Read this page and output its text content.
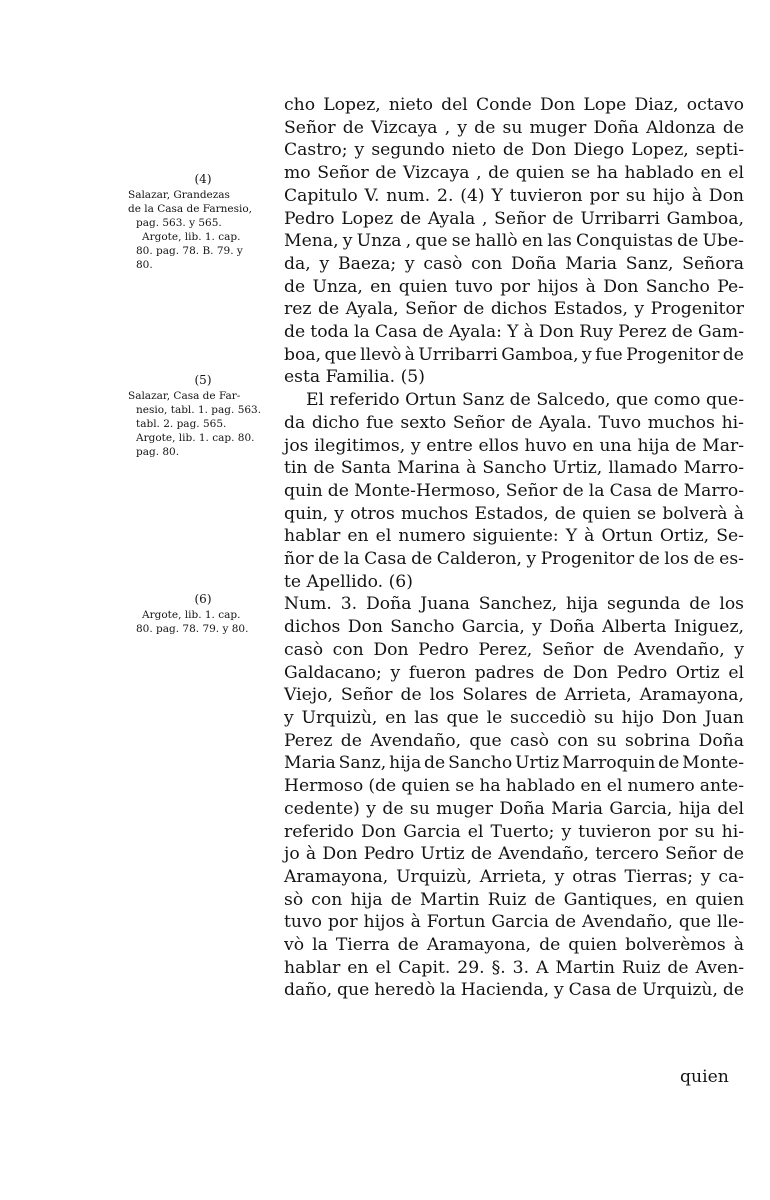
(4)
Salazar, Grandezas
de la Casa de Farnesio,
pag. 563. y 565.
Argote, lib. 1. cap.
80. pag. 78. B. 79. y
80.
(5)
Salazar, Casa de Far-
nesio, tabl. 1. pag. 563.
tabl. 2. pag. 565.
Argote, lib. 1. cap. 80.
pag. 80.
(6)
Argote, lib. 1. cap.
80. pag. 78. 79. y 80.
cho Lopez, nieto del Conde Don Lope Diaz, octavo
Señor de Vizcaya , y de su muger Doña Aldonza de
Castro; y segundo nieto de Don Diego Lopez, septi-
mo Señor de Vizcaya , de quien se ha hablado en el
Capitulo V. num. 2. (4) Y tuvieron por su hijo à Don
Pedro Lopez de Ayala , Señor de Urribarri Gamboa,
Mena, y Unza , que se hallò en las Conquistas de Ube-
da, y Baeza; y casò con Doña Maria Sanz, Señora
de Unza, en quien tuvo por hijos à Don Sancho Pe-
rez de Ayala, Señor de dichos Estados, y Progenitor
de toda la Casa de Ayala: Y à Don Ruy Perez de Gam-
boa, que llevò à Urribarri Gamboa, y fue Progenitor de
esta Familia. (5)
El referido Ortun Sanz de Salcedo, que como que-
da dicho fue sexto Señor de Ayala. Tuvo muchos hi-
jos ilegitimos, y entre ellos huvo en una hija de Mar-
tin de Santa Marina à Sancho Urtiz, llamado Marro-
quin de Monte-Hermoso, Señor de la Casa de Marro-
quin, y otros muchos Estados, de quien se bolverà à
hablar en el numero siguiente: Y à Ortun Ortiz, Se-
ñor de la Casa de Calderon, y Progenitor de los de es-
te Apellido. (6)
Num. 3. Doña Juana Sanchez, hija segunda de los
dichos Don Sancho Garcia, y Doña Alberta Iniguez,
casò con Don Pedro Perez, Señor de Avendaño, y
Galdacano; y fueron padres de Don Pedro Ortiz el
Viejo, Señor de los Solares de Arrieta, Aramayona,
y Urquizù, en las que le succediò su hijo Don Juan
Perez de Avendaño, que casò con su sobrina Doña
Maria Sanz, hija de Sancho Urtiz Marroquin de Monte-
Hermoso (de quien se ha hablado en el numero ante-
cedente) y de su muger Doña Maria Garcia, hija del
referido Don Garcia el Tuerto; y tuvieron por su hi-
jo à Don Pedro Urtiz de Avendaño, tercero Señor de
Aramayona, Urquizù, Arrieta, y otras Tierras; y ca-
sò con hija de Martin Ruiz de Gantiques, en quien
tuvo por hijos à Fortun Garcia de Avendaño, que lle-
vò la Tierra de Aramayona, de quien bolverèmos à
hablar en el Capit. 29. §. 3. A Martin Ruiz de Aven-
daño, que heredò la Hacienda, y Casa de Urquizù, de
quien
